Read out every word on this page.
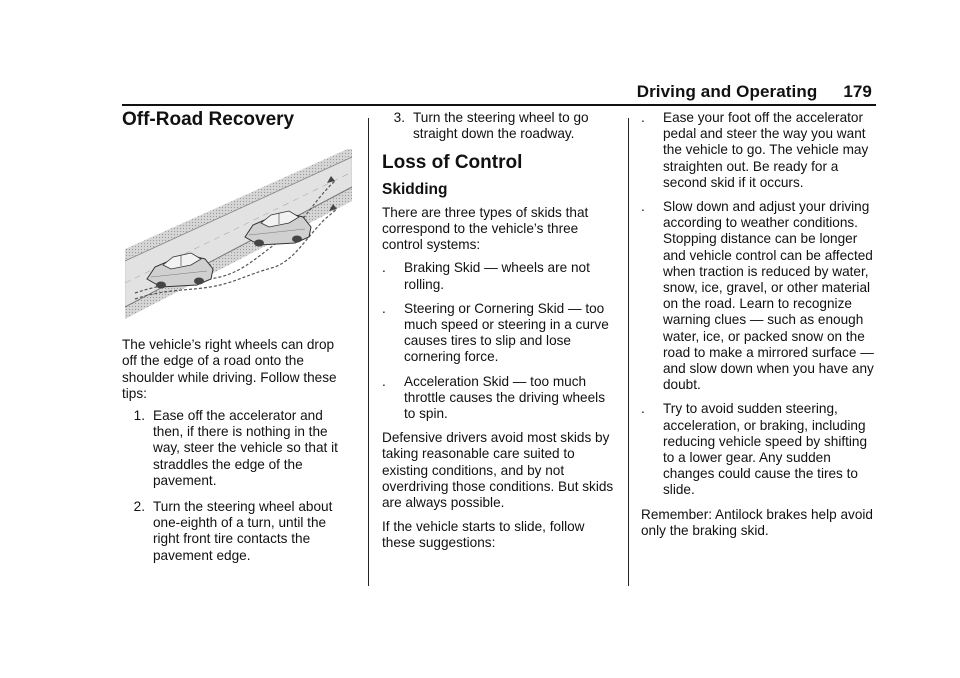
Driving and Operating 179
Off-Road Recovery

The vehicle’s right wheels can drop off the edge of a road onto the shoulder while driving. Follow these tips:

1. Ease off the accelerator and then, if there is nothing in the way, steer the vehicle so that it straddles the edge of the pavement.
2. Turn the steering wheel about one-eighth of a turn, until the right front tire contacts the pavement edge.
3. Turn the steering wheel to go straight down the roadway.
Loss of Control
Skidding

There are three types of skids that correspond to the vehicle’s three control systems:

.	Braking Skid — wheels are not rolling.
.	Steering or Cornering Skid — too much speed or steering in a curve causes tires to slip and lose cornering force.
.	Acceleration Skid — too much throttle causes the driving wheels to spin.

Defensive drivers avoid most skids by taking reasonable care suited to existing conditions, and by not overdriving those conditions. But skids are always possible.

If the vehicle starts to slide, follow these suggestions:

.	Ease your foot off the accelerator pedal and steer the way you want the vehicle to go. The vehicle may straighten out. Be ready for a second skid if it occurs.
.	Slow down and adjust your driving according to weather conditions. Stopping distance can be longer and vehicle control can be affected when traction is reduced by water, snow, ice, gravel, or other material on the road. Learn to recognize warning clues — such as enough water, ice, or packed snow on the road to make a mirrored surface — and slow down when you have any doubt.
.	Try to avoid sudden steering, acceleration, or braking, including reducing vehicle speed by shifting to a lower gear. Any sudden changes could cause the tires to slide.

Remember: Antilock brakes help avoid only the braking skid.
